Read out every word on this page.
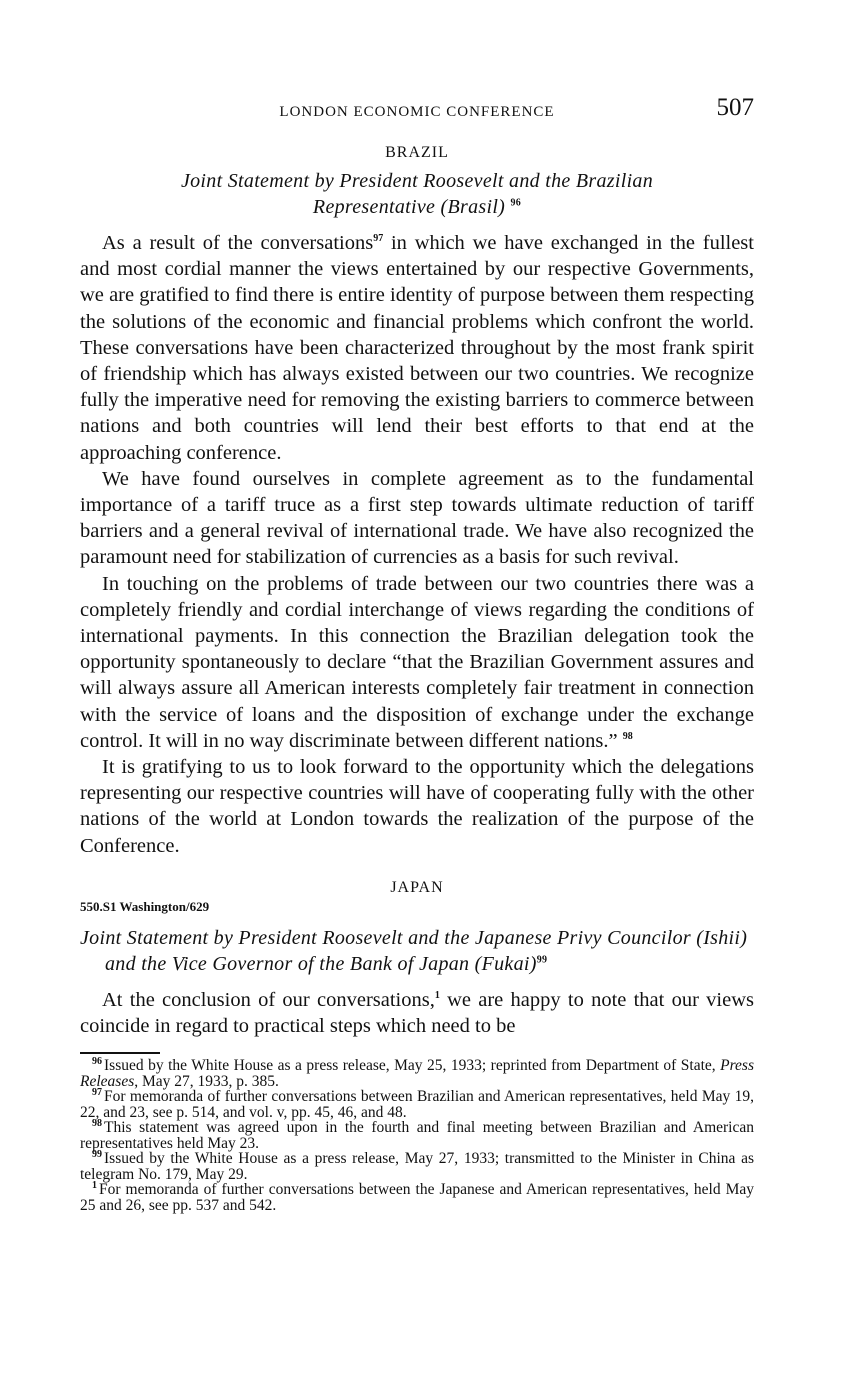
LONDON ECONOMIC CONFERENCE	507
BRAZIL
Joint Statement by President Roosevelt and the Brazilian
Representative (Brasil) $^{96}$

As a result of the conversations$^{97}$ in which we have exchanged in the fullest and most cordial manner the views entertained by our respective Governments, we are gratified to find there is entire identity of purpose between them respecting the solutions of the economic and financial problems which confront the world. These conversations have been characterized throughout by the most frank spirit of friendship which has always existed between our two countries. We recognize fully the imperative need for removing the existing barriers to commerce between nations and both countries will lend their best efforts to that end at the approaching conference.

We have found ourselves in complete agreement as to the fundamental importance of a tariff truce as a first step towards ultimate reduction of tariff barriers and a general revival of international trade. We have also recognized the paramount need for stabilization of currencies as a basis for such revival.

In touching on the problems of trade between our two countries there was a completely friendly and cordial interchange of views regarding the conditions of international payments. In this connection the Brazilian delegation took the opportunity spontaneously to declare “that the Brazilian Government assures and will always assure all American interests completely fair treatment in connection with the service of loans and the disposition of exchange under the exchange control. It will in no way discriminate between different nations.” $^{98}$

It is gratifying to us to look forward to the opportunity which the delegations representing our respective countries will have of cooperating fully with the other nations of the world at London towards the realization of the purpose of the Conference.

JAPAN

550.S1 Washington/629

Joint Statement by President Roosevelt and the Japanese Privy Councilor (Ishii) and the Vice Governor of the Bank of Japan (Fukai)$^{99}$

At the conclusion of our conversations,$^1$ we are happy to note that our views coincide in regard to practical steps which need to be

$^{96}$ Issued by the White House as a press release, May 25, 1933; reprinted from Department of State, Press Releases, May 27, 1933, p. 385.

$^{97}$ For memoranda of further conversations between Brazilian and American representatives, held May 19, 22, and 23, see p. 514, and vol. v, pp. 45, 46, and 48.

$^{98}$ This statement was agreed upon in the fourth and final meeting between Brazilian and American representatives held May 23.

$^{99}$ Issued by the White House as a press release, May 27, 1933; transmitted to the Minister in China as telegram No. 179, May 29.

$^1$ For memoranda of further conversations between the Japanese and American representatives, held May 25 and 26, see pp. 537 and 542.
